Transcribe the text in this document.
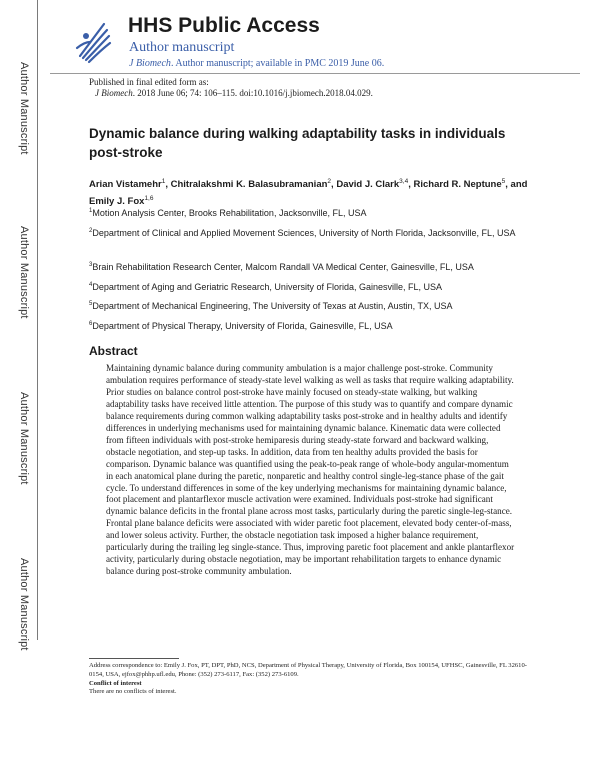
Author Manuscript
Author Manuscript
Author Manuscript
Author Manuscript
HHS Public Access
Author manuscript
J Biomech. Author manuscript; available in PMC 2019 June 06.
Published in final edited form as:
J Biomech. 2018 June 06; 74: 106–115. doi:10.1016/j.jbiomech.2018.04.029.
Dynamic balance during walking adaptability tasks in individuals post-stroke
Arian Vistamehr$^1$, Chitralakshmi K. Balasubramanian$^2$, David J. Clark$^{3,4}$, Richard R. Neptune$^5$, and Emily J. Fox$^{1,6}$
$^1$Motion Analysis Center, Brooks Rehabilitation, Jacksonville, FL, USA
$^2$Department of Clinical and Applied Movement Sciences, University of North Florida, Jacksonville, FL, USA
$^3$Brain Rehabilitation Research Center, Malcom Randall VA Medical Center, Gainesville, FL, USA
$^4$Department of Aging and Geriatric Research, University of Florida, Gainesville, FL, USA
$^5$Department of Mechanical Engineering, The University of Texas at Austin, Austin, TX, USA
$^6$Department of Physical Therapy, University of Florida, Gainesville, FL, USA
Abstract

Maintaining dynamic balance during community ambulation is a major challenge post-stroke. Community ambulation requires performance of steady-state level walking as well as tasks that require walking adaptability. Prior studies on balance control post-stroke have mainly focused on steady-state walking, but walking adaptability tasks have received little attention. The purpose of this study was to quantify and compare dynamic balance requirements during common walking adaptability tasks post-stroke and in healthy adults and identify differences in underlying mechanisms used for maintaining dynamic balance. Kinematic data were collected from fifteen individuals with post-stroke hemiparesis during steady-state forward and backward walking, obstacle negotiation, and step-up tasks. In addition, data from ten healthy adults provided the basis for comparison. Dynamic balance was quantified using the peak-to-peak range of whole-body angular-momentum in each anatomical plane during the paretic, nonparetic and healthy control single-leg-stance phase of the gait cycle. To understand differences in some of the key underlying mechanisms for maintaining dynamic balance, foot placement and plantarflexor muscle activation were examined. Individuals post-stroke had significant dynamic balance deficits in the frontal plane across most tasks, particularly during the paretic single-leg-stance. Frontal plane balance deficits were associated with wider paretic foot placement, elevated body center-of-mass, and lower soleus activity. Further, the obstacle negotiation task imposed a higher balance requirement, particularly during the trailing leg single-stance. Thus, improving paretic foot placement and ankle plantarflexor activity, particularly during obstacle negotiation, may be important rehabilitation targets to enhance dynamic balance during post-stroke community ambulation.

Address correspondence to: Emily J. Fox, PT, DPT, PhD, NCS, Department of Physical Therapy, University of Florida, Box 100154, UFHSC, Gainesville, FL 32610-0154, USA, ejfox@phhp.ufl.edu, Phone: (352) 273-6117, Fax: (352) 273-6109.
Conflict of interest
There are no conflicts of interest.
